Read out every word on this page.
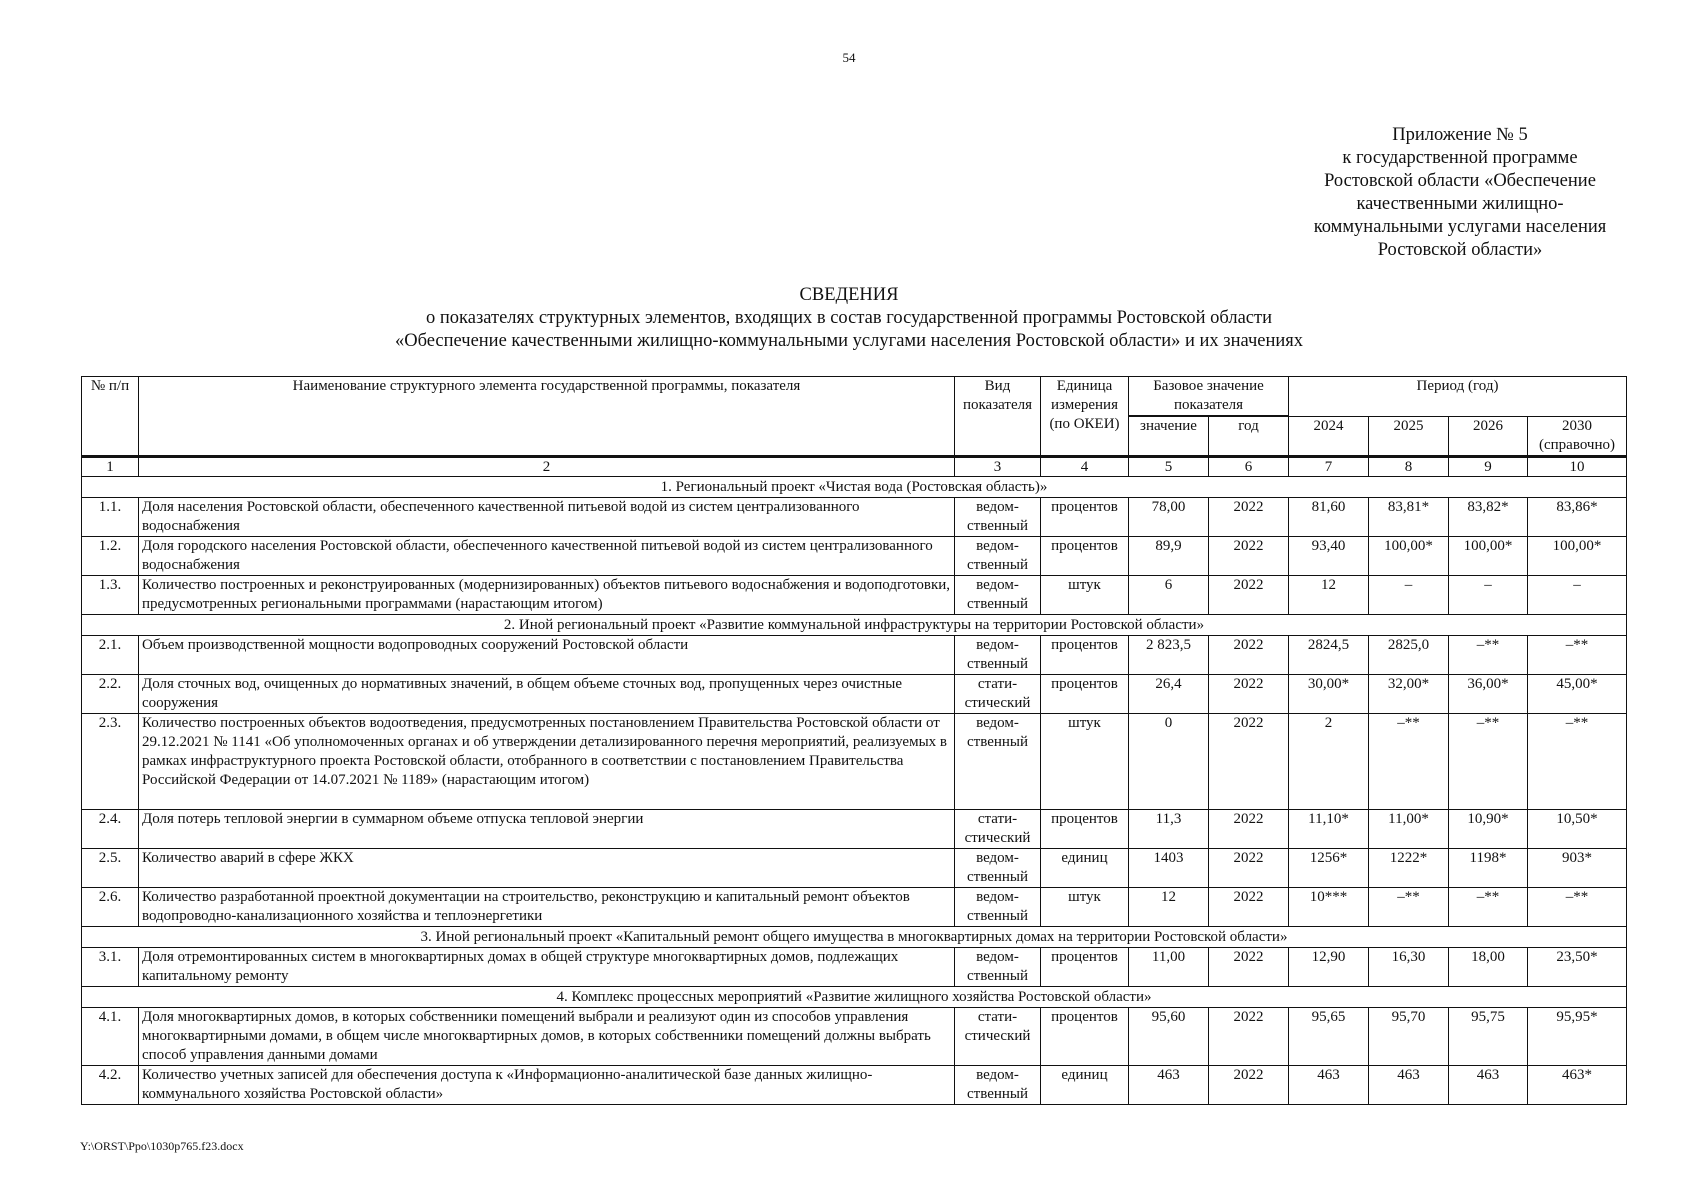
54
Приложение № 5
к государственной программе
Ростовской области «Обеспечение
качественными жилищно-
коммунальными услугами населения
Ростовской области»
СВЕДЕНИЯ
о показателях структурных элементов, входящих в состав государственной программы Ростовской области
«Обеспечение качественными жилищно-коммунальными услугами населения Ростовской области» и их значениях
№ п/п	Наименование структурного элемента государственной программы, показателя	Вид показателя	Единица измерения (по ОКЕИ)	Базовое значение показателя		Период (год)			

				значение	год	2024	2025	2026	2030 (справочно)
1	2	3	4	5	6	7	8	9	10
1. Региональный проект «Чистая вода (Ростовская область)»									
1.1.	Доля населения Ростовской области, обеспеченного качественной питьевой водой из систем централизованного водоснабжения	ведом-ственный	процентов	78,00	2022	81,60	83,81*	83,82*	83,86*
1.2.	Доля городского населения Ростовской области, обеспеченного качественной питьевой водой из систем централизованного водоснабжения	ведом-ственный	процентов	89,9	2022	93,40	100,00*	100,00*	100,00*
1.3.	Количество построенных и реконструированных (модернизированных) объектов питьевого водоснабжения и водоподготовки, предусмотренных региональными программами (нарастающим итогом)	ведом-ственный	штук	6	2022	12	–	–	–
2. Иной региональный проект «Развитие коммунальной инфраструктуры на территории Ростовской области»									
2.1.	Объем производственной мощности водопроводных сооружений Ростовской области	ведом-ственный	процентов	2 823,5	2022	2824,5	2825,0	–**	–**
2.2.	Доля сточных вод, очищенных до нормативных значений, в общем объеме сточных вод, пропущенных через очистные сооружения	стати-стический	процентов	26,4	2022	30,00*	32,00*	36,00*	45,00*
2.3.	Количество построенных объектов водоотведения, предусмотренных постановлением Правительства Ростовской области от 29.12.2021 № 1141 «Об уполномоченных органах и об утверждении детализированного перечня мероприятий, реализуемых в рамках инфраструктурного проекта Ростовской области, отобранного в соответствии с постановлением Правительства Российской Федерации от 14.07.2021 № 1189» (нарастающим итогом)	ведом-ственный	штук	0	2022	2	–**	–**	–**
2.4.	Доля потерь тепловой энергии в суммарном объеме отпуска тепловой энергии	стати-стический	процентов	11,3	2022	11,10*	11,00*	10,90*	10,50*
2.5.	Количество аварий в сфере ЖКХ	ведом-ственный	единиц	1403	2022	1256*	1222*	1198*	903*
2.6.	Количество разработанной проектной документации на строительство, реконструкцию и капитальный ремонт объектов водопроводно-канализационного хозяйства и теплоэнергетики	ведом-ственный	штук	12	2022	10***	–**	–**	–**
3. Иной региональный проект «Капитальный ремонт общего имущества в многоквартирных домах на территории Ростовской области»									
3.1.	Доля отремонтированных систем в многоквартирных домах в общей структуре многоквартирных домов, подлежащих капитальному ремонту	ведом-ственный	процентов	11,00	2022	12,90	16,30	18,00	23,50*
4. Комплекс процессных мероприятий «Развитие жилищного хозяйства Ростовской области»									
4.1.	Доля многоквартирных домов, в которых собственники помещений выбрали и реализуют один из способов управления многоквартирными домами, в общем числе многоквартирных домов, в которых собственники помещений должны выбрать способ управления данными домами	стати-стический	процентов	95,60	2022	95,65	95,70	95,75	95,95*
4.2.	Количество учетных записей для обеспечения доступа к «Информационно-аналитической базе данных жилищно-коммунального хозяйства Ростовской области»	ведом-ственный	единиц	463	2022	463	463	463	463*
Y:\ORST\Ppo\1030p765.f23.docx
